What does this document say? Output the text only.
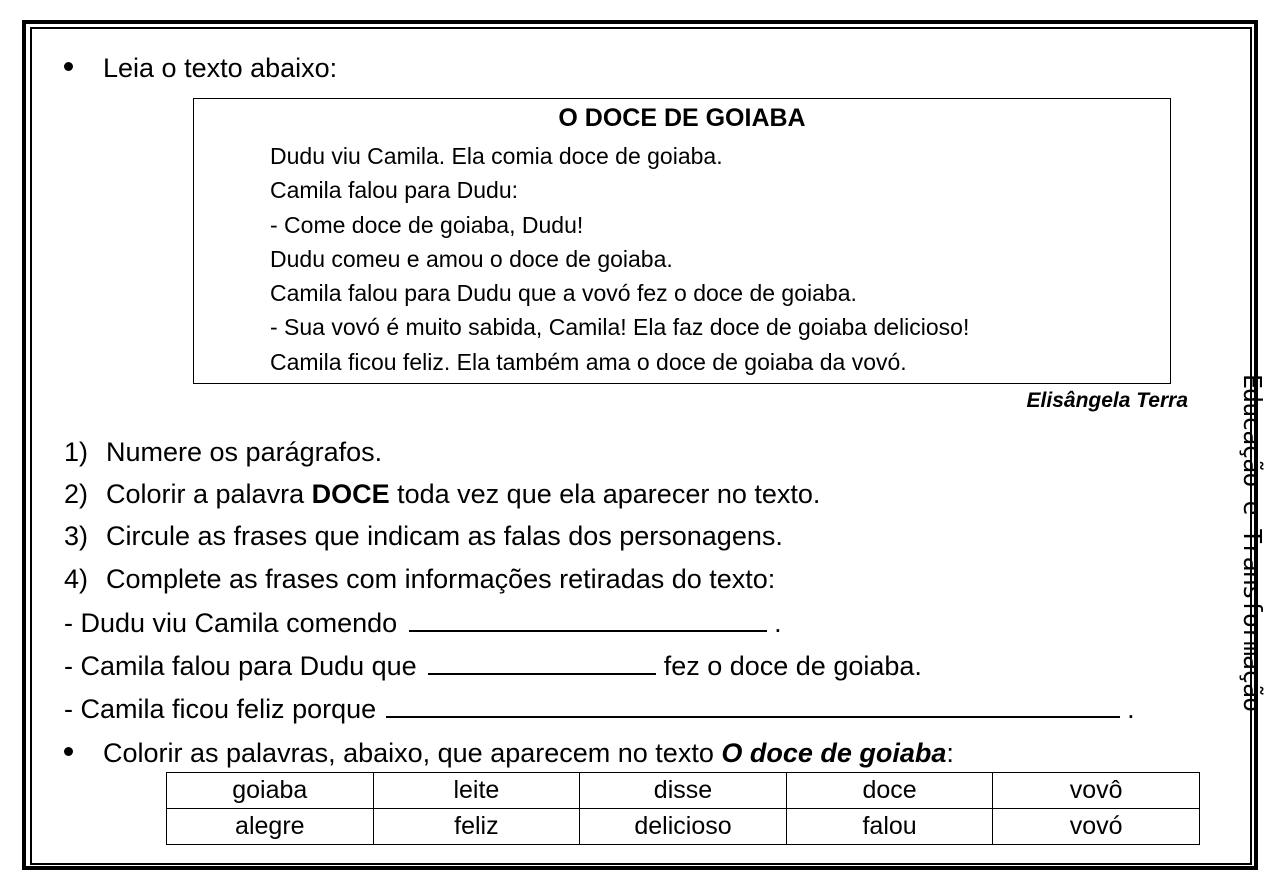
Leia o texto abaixo:
O DOCE DE GOIABA
Dudu viu Camila. Ela comia doce de goiaba.
Camila falou para Dudu:
- Come doce de goiaba, Dudu!
Dudu comeu e amou o doce de goiaba.
Camila falou para Dudu que a vovó fez o doce de goiaba.
- Sua vovó é muito sabida, Camila! Ela faz doce de goiaba delicioso!
Camila ficou feliz. Ela também ama o doce de goiaba da vovó.
Elisângela Terra
1) Numere os parágrafos.
2) Colorir a palavra DOCE toda vez que ela aparecer no texto.
3) Circule as frases que indicam as falas dos personagens.
4) Complete as frases com informações retiradas do texto:
- Dudu viu Camila comendo	.
- Camila falou para Dudu que	fez o doce de goiaba.
- Camila ficou feliz porque	.
Colorir as palavras, abaixo, que aparecem no texto O doce de goiaba:
goiaba	leite	disse	doce	vovô
alegre	feliz	delicioso	falou	vovó
Educação e Transformação
